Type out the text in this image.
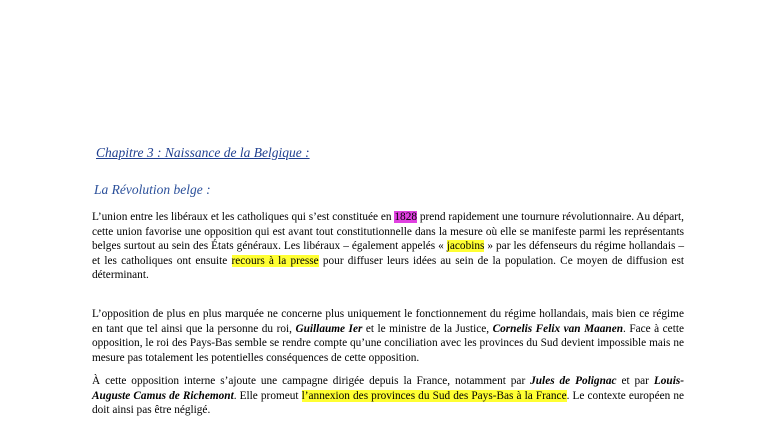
Chapitre 3 : Naissance de la Belgique :
La Révolution belge :

L’union entre les libéraux et les catholiques qui s’est constituée en 1828 prend rapidement une tournure révolutionnaire. Au départ, cette union favorise une opposition qui est avant tout constitutionnelle dans la mesure où elle se manifeste parmi les représentants belges surtout au sein des États généraux. Les libéraux – également appelés « jacobins » par les défenseurs du régime hollandais – et les catholiques ont ensuite recours à la presse pour diffuser leurs idées au sein de la population. Ce moyen de diffusion est déterminant.

L’opposition de plus en plus marquée ne concerne plus uniquement le fonctionnement du régime hollandais, mais bien ce régime en tant que tel ainsi que la personne du roi, Guillaume Ier et le ministre de la Justice, Cornelis Felix van Maanen. Face à cette opposition, le roi des Pays-Bas semble se rendre compte qu’une conciliation avec les provinces du Sud devient impossible mais ne mesure pas totalement les potentielles conséquences de cette opposition.

À cette opposition interne s’ajoute une campagne dirigée depuis la France, notamment par Jules de Polignac et par Louis-Auguste Camus de Richemont. Elle promeut l’annexion des provinces du Sud des Pays-Bas à la France. Le contexte européen ne doit ainsi pas être négligé.
